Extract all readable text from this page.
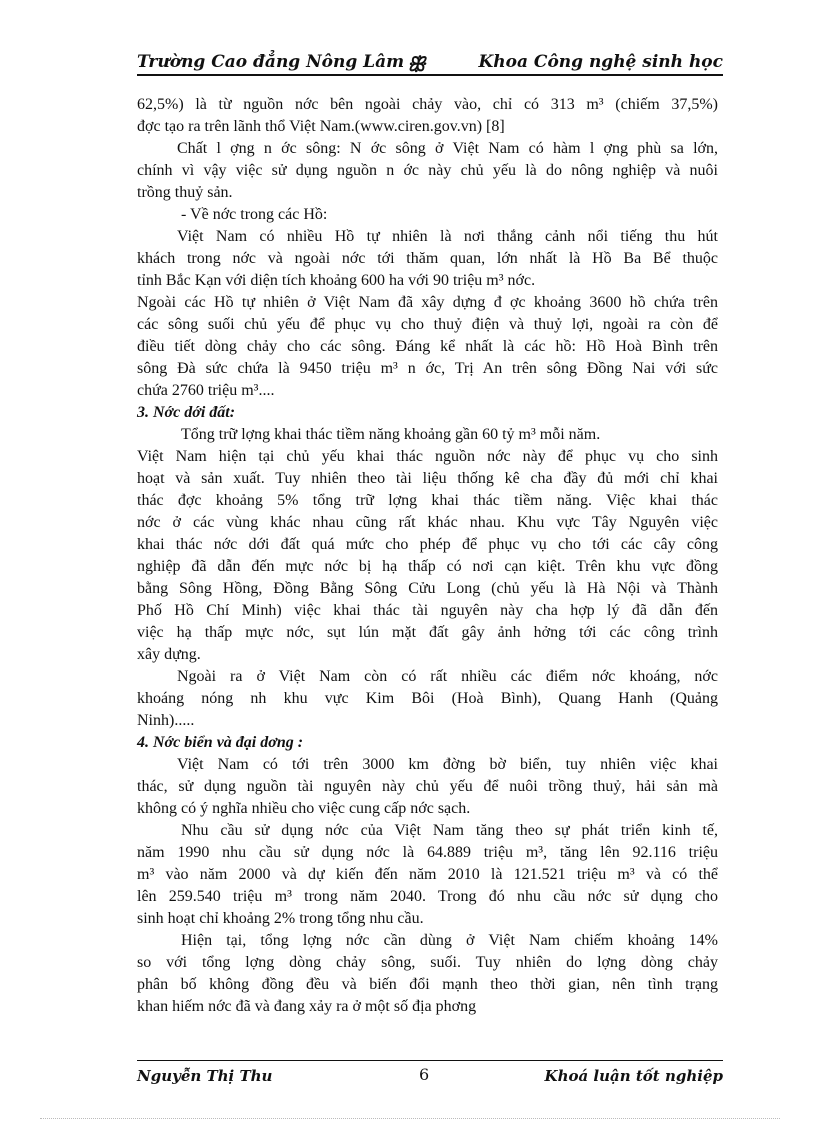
Trường Cao đẳng Nông Lâm ꕥ	Khoa Công nghệ sinh học
62,5%) là từ nguồn nớc bên ngoài chảy vào, chỉ có 313 m³ (chiếm 37,5%)
đợc tạo ra trên lãnh thổ Việt Nam.(www.ciren.gov.vn) [8]
Chất l ợng n ớc sông: N ớc sông ở Việt Nam có hàm l ợng phù sa lớn,
chính vì vậy việc sử dụng nguồn n ớc này chủ yếu là do nông nghiệp và nuôi
trồng thuỷ sản.
- Về nớc trong các Hồ:
Việt Nam có nhiều Hồ tự nhiên là nơi thắng cảnh nổi tiếng thu hút
khách trong nớc và ngoài nớc tới thăm quan, lớn nhất là Hồ Ba Bể thuộc
tỉnh Bắc Kạn với diện tích khoảng 600 ha với 90 triệu m³ nớc.
Ngoài các Hồ tự nhiên ở Việt Nam đã xây dựng đ ợc khoảng 3600 hồ chứa trên
các sông suối chủ yếu để phục vụ cho thuỷ điện và thuỷ lợi, ngoài ra còn để
điều tiết dòng chảy cho các sông. Đáng kể nhất là các hồ: Hồ Hoà Bình trên
sông Đà sức chứa là 9450 triệu m³ n ớc, Trị An trên sông Đồng Nai với sức
chứa 2760 triệu m³....
3. Nớc dới đất:
Tổng trữ lợng khai thác tiềm năng khoảng gần 60 tỷ m³ mỗi năm.
Việt Nam hiện tại chủ yếu khai thác nguồn nớc này để phục vụ cho sinh
hoạt và sản xuất. Tuy nhiên theo tài liệu thống kê cha đầy đủ mới chỉ khai
thác đợc khoảng 5% tổng trữ lợng khai thác tiềm năng. Việc khai thác
nớc ở các vùng khác nhau cũng rất khác nhau. Khu vực Tây Nguyên việc
khai thác nớc dới đất quá mức cho phép để phục vụ cho tới các cây công
nghiệp đã dẫn đến mực nớc bị hạ thấp có nơi cạn kiệt. Trên khu vực đồng
bằng Sông Hồng, Đồng Bằng Sông Cửu Long (chủ yếu là Hà Nội và Thành
Phố Hồ Chí Minh) việc khai thác tài nguyên này cha hợp lý đã dẫn đến
việc hạ thấp mực nớc, sụt lún mặt đất gây ảnh hởng tới các công trình
xây dựng.
Ngoài ra ở Việt Nam còn có rất nhiều các điểm nớc khoáng, nớc
khoáng nóng nh khu vực Kim Bôi (Hoà Bình), Quang Hanh (Quảng
Ninh).....
4. Nớc biển và đại dơng :
Việt Nam có tới trên 3000 km đờng bờ biển, tuy nhiên việc khai
thác, sử dụng nguồn tài nguyên này chủ yếu để nuôi trồng thuỷ, hải sản mà
không có ý nghĩa nhiều cho việc cung cấp nớc sạch.
Nhu cầu sử dụng nớc của Việt Nam tăng theo sự phát triển kinh tế,
năm 1990 nhu cầu sử dụng nớc là 64.889 triệu m³, tăng lên 92.116 triệu
m³ vào năm 2000 và dự kiến đến năm 2010 là 121.521 triệu m³ và có thể
lên 259.540 triệu m³ trong năm 2040. Trong đó nhu cầu nớc sử dụng cho
sinh hoạt chỉ khoảng 2% trong tổng nhu cầu.
Hiện tại, tổng lợng nớc cần dùng ở Việt Nam chiếm khoảng 14%
so với tổng lợng dòng chảy sông, suối. Tuy nhiên do lợng dòng chảy
phân bố không đồng đều và biến đổi mạnh theo thời gian, nên tình trạng
khan hiếm nớc đã và đang xảy ra ở một số địa phơng
Nguyễn Thị Thu	6	Khoá luận tốt nghiệp
